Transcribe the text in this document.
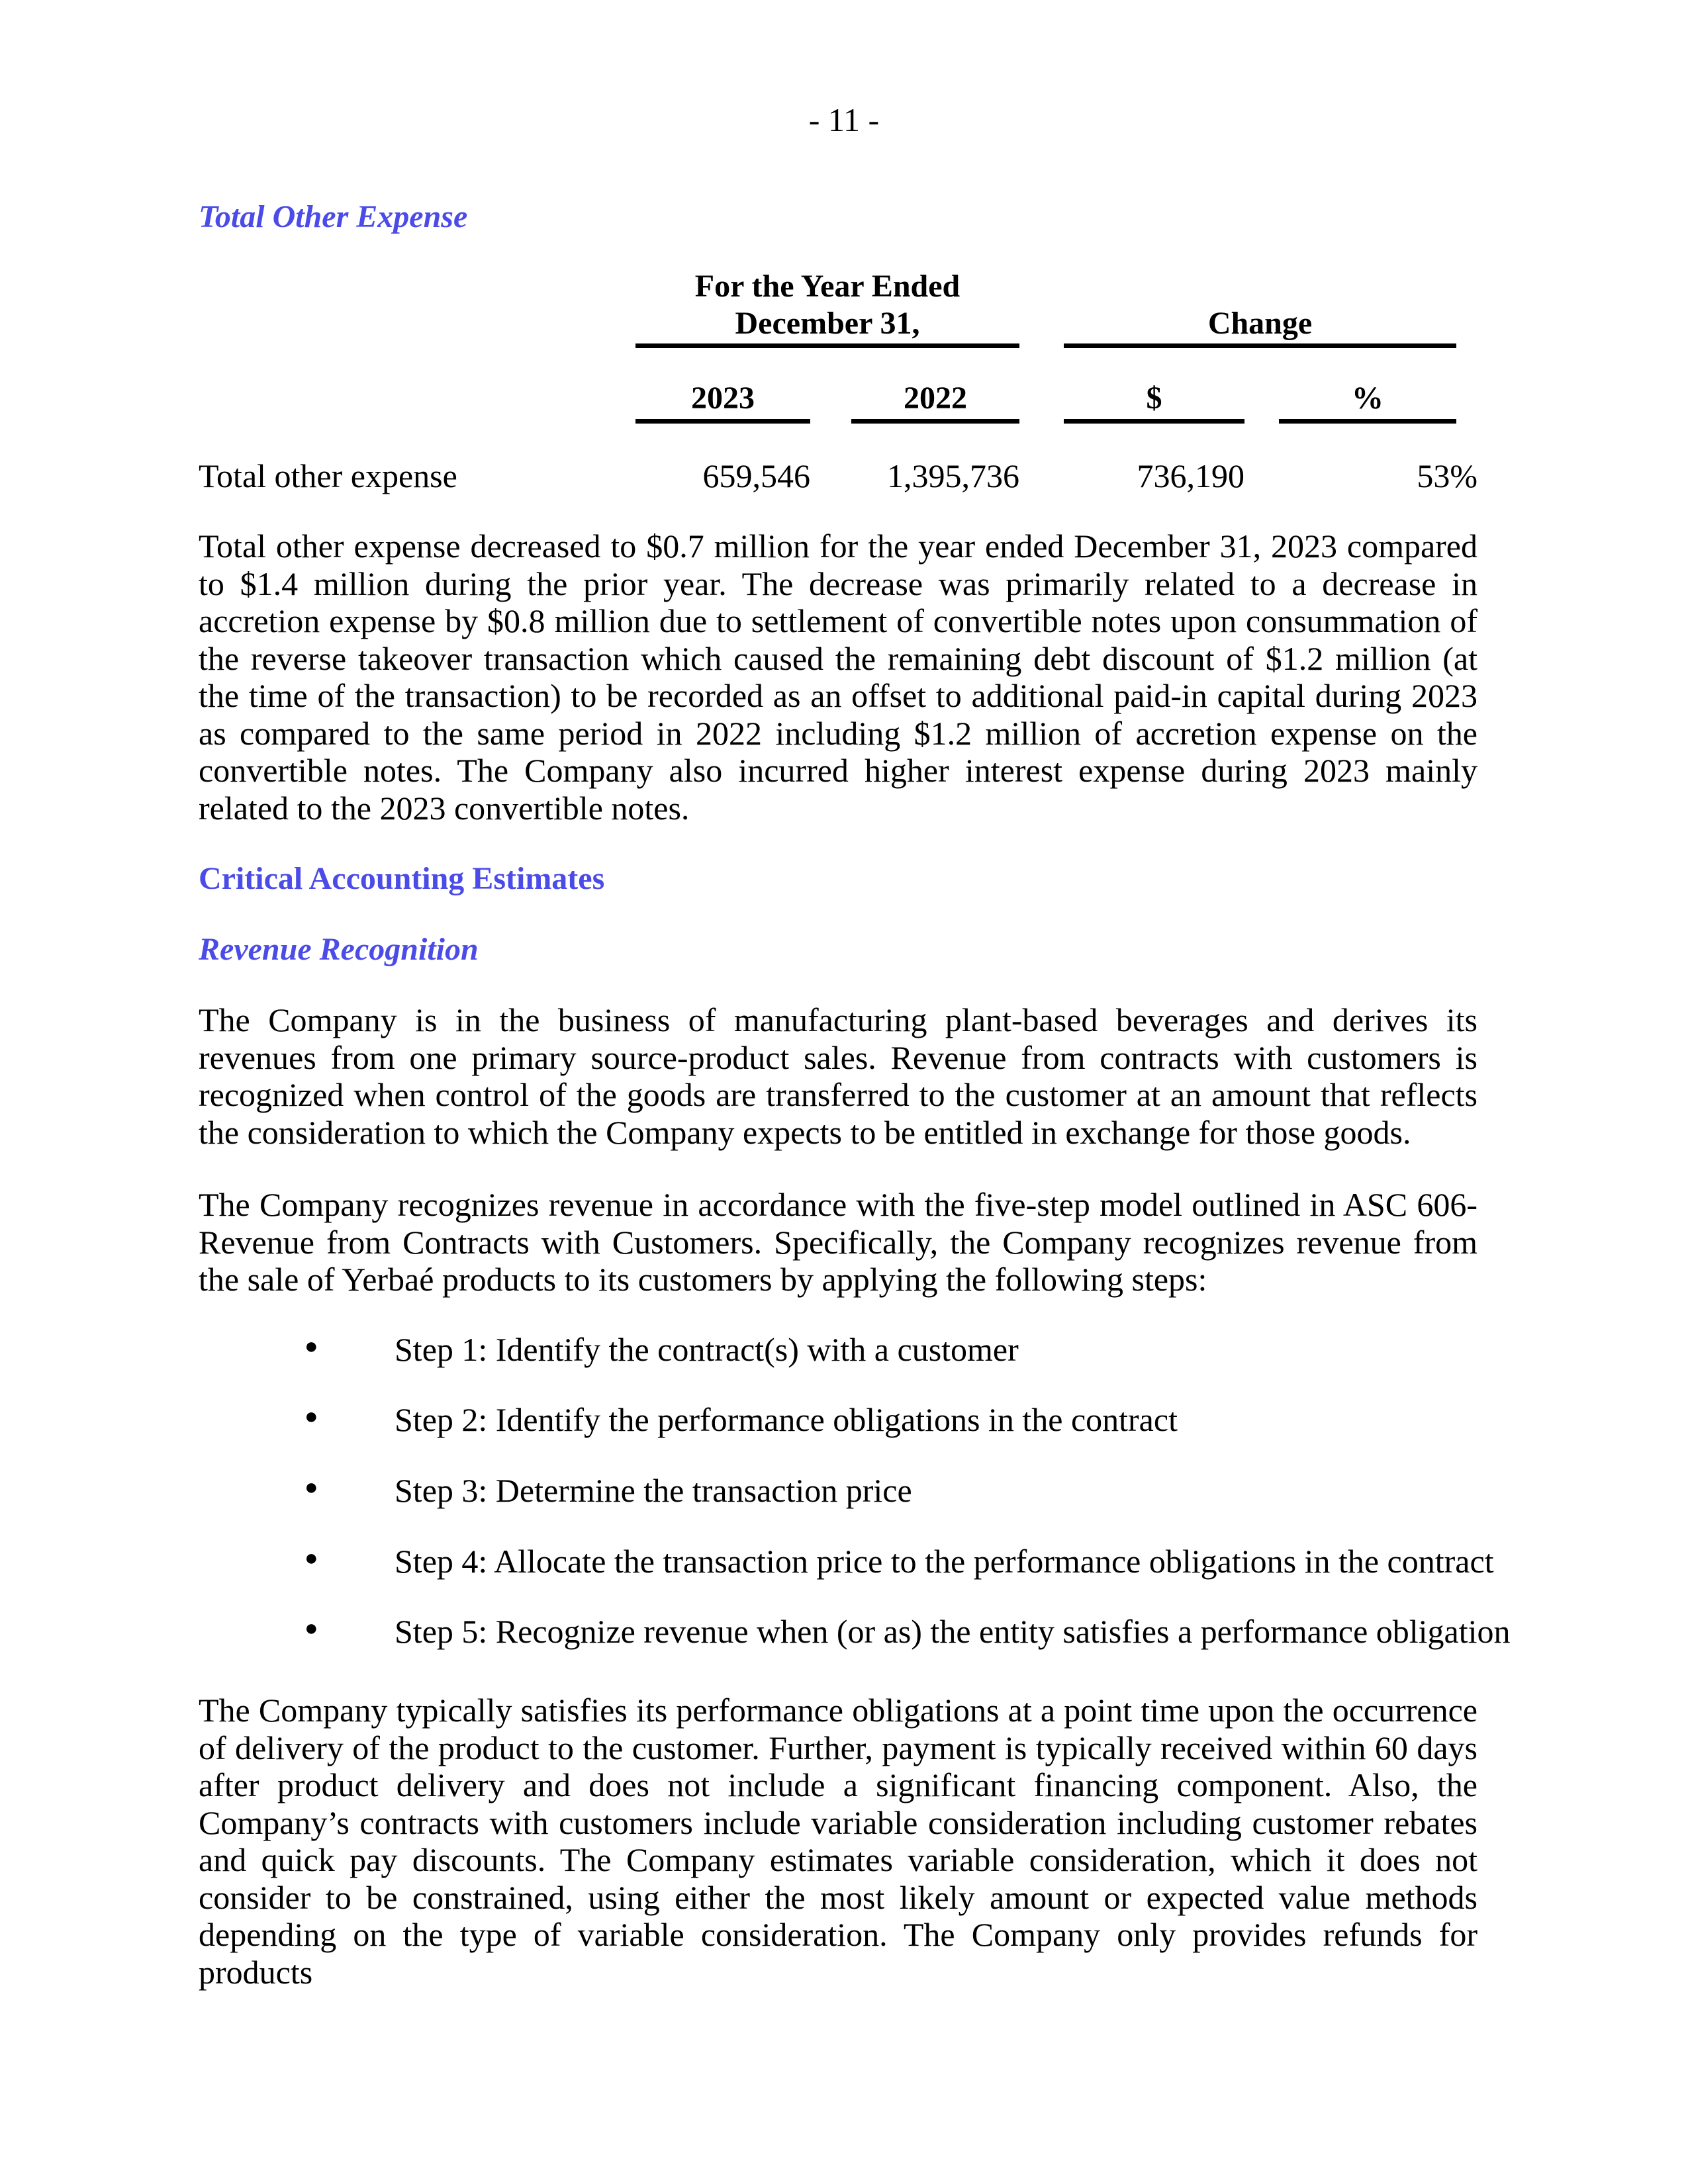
- 11 -
Total Other Expense
For the Year Ended
December 31,	Change
2023	2022	$	%
Total other expense	659,546	1,395,736	736,190	53%

Total other expense decreased to $0.7 million for the year ended December 31, 2023 compared to $1.4 million during the prior year. The decrease was primarily related to a decrease in accretion expense by $0.8 million due to settlement of convertible notes upon consummation of the reverse takeover transaction which caused the remaining debt discount of $1.2 million (at the time of the transaction) to be recorded as an offset to additional paid-in capital during 2023 as compared to the same period in 2022 including $1.2 million of accretion expense on the convertible notes. The Company also incurred higher interest expense during 2023 mainly related to the 2023 convertible notes.

Critical Accounting Estimates
Revenue Recognition

The Company is in the business of manufacturing plant-based beverages and derives its revenues from one primary source-product sales. Revenue from contracts with customers is recognized when control of the goods are transferred to the customer at an amount that reflects the consideration to which the Company expects to be entitled in exchange for those goods.

The Company recognizes revenue in accordance with the five-step model outlined in ASC 606-Revenue from Contracts with Customers. Specifically, the Company recognizes revenue from the sale of Yerbaé products to its customers by applying the following steps:

● Step 1: Identify the contract(s) with a customer
● Step 2: Identify the performance obligations in the contract
● Step 3: Determine the transaction price
● Step 4: Allocate the transaction price to the performance obligations in the contract
● Step 5: Recognize revenue when (or as) the entity satisfies a performance obligation

The Company typically satisfies its performance obligations at a point time upon the occurrence of delivery of the product to the customer. Further, payment is typically received within 60 days after product delivery and does not include a significant financing component. Also, the Company’s contracts with customers include variable consideration including customer rebates and quick pay discounts. The Company estimates variable consideration, which it does not consider to be constrained, using either the most likely amount or expected value methods depending on the type of variable consideration. The Company only provides refunds for products
